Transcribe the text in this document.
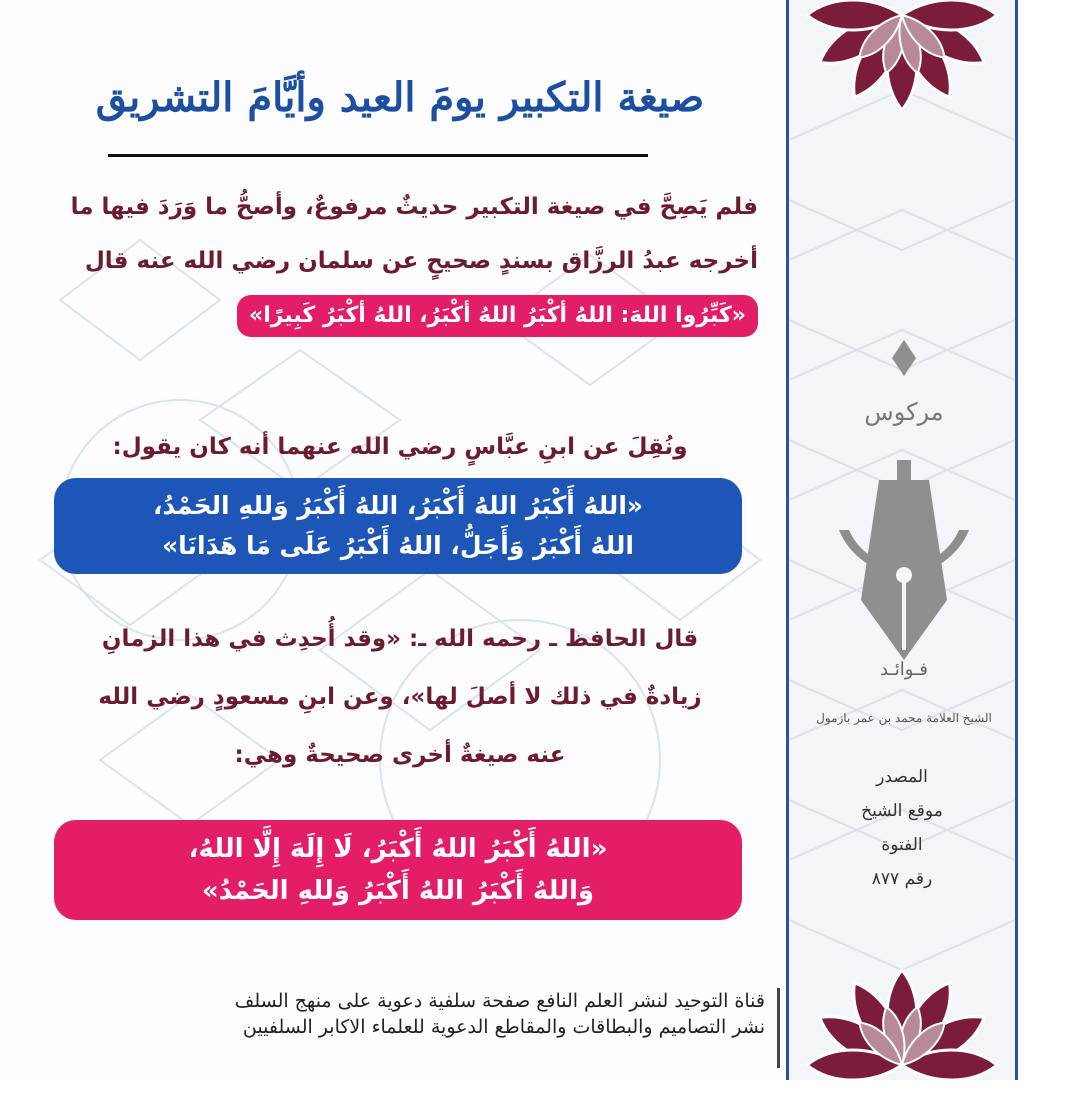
صيغة التكبير يومَ العيد وأيَّامَ التشريق
فلم يَصِحَّ في صيغة التكبير حديثٌ مرفوعٌ، وأصحُّ ما وَرَدَ فيها ما أخرجه عبدُ الرزَّاق بسندٍ صحيحٍ عن سلمان رضي الله عنه قال «كَبِّرُوا اللهَ: اللهُ أكْبَرُ اللهُ أكْبَرُ، اللهُ أكْبَرُ كَبِيرًا»
ونُقِلَ عن ابنِ عبَّاسٍ رضي الله عنهما أنه كان يقول:
«اللهُ أَكْبَرُ اللهُ أَكْبَرُ، اللهُ أَكْبَرُ وَللهِ الحَمْدُ،
اللهُ أَكْبَرُ وَأَجَلُّ، اللهُ أَكْبَرُ عَلَى مَا هَدَانَا»
قال الحافظ ـ رحمه الله ـ: «وقد أُحدِث في هذا الزمانِ
زيادةٌ في ذلك لا أصلَ لها»، وعن ابنِ مسعودٍ رضي الله
عنه صيغةٌ أخرى صحيحةٌ وهي:
«اللهُ أَكْبَرُ اللهُ أَكْبَرُ، لَا إِلَهَ إِلَّا اللهُ،
وَاللهُ أَكْبَرُ اللهُ أَكْبَرُ وَللهِ الحَمْدُ»
قناة التوحيد لنشر العلم النافع صفحة سلفية دعوية على منهج السلف
نشر التصاميم والبطاقات والمقاطع الدعوية للعلماء الاكابر السلفيين
مركوس
فـوائـد
الشيخ العلامة محمد بن عمر بازمول
المصدر
موقع الشيخ
الفتوة
رقم ٨٧٧
